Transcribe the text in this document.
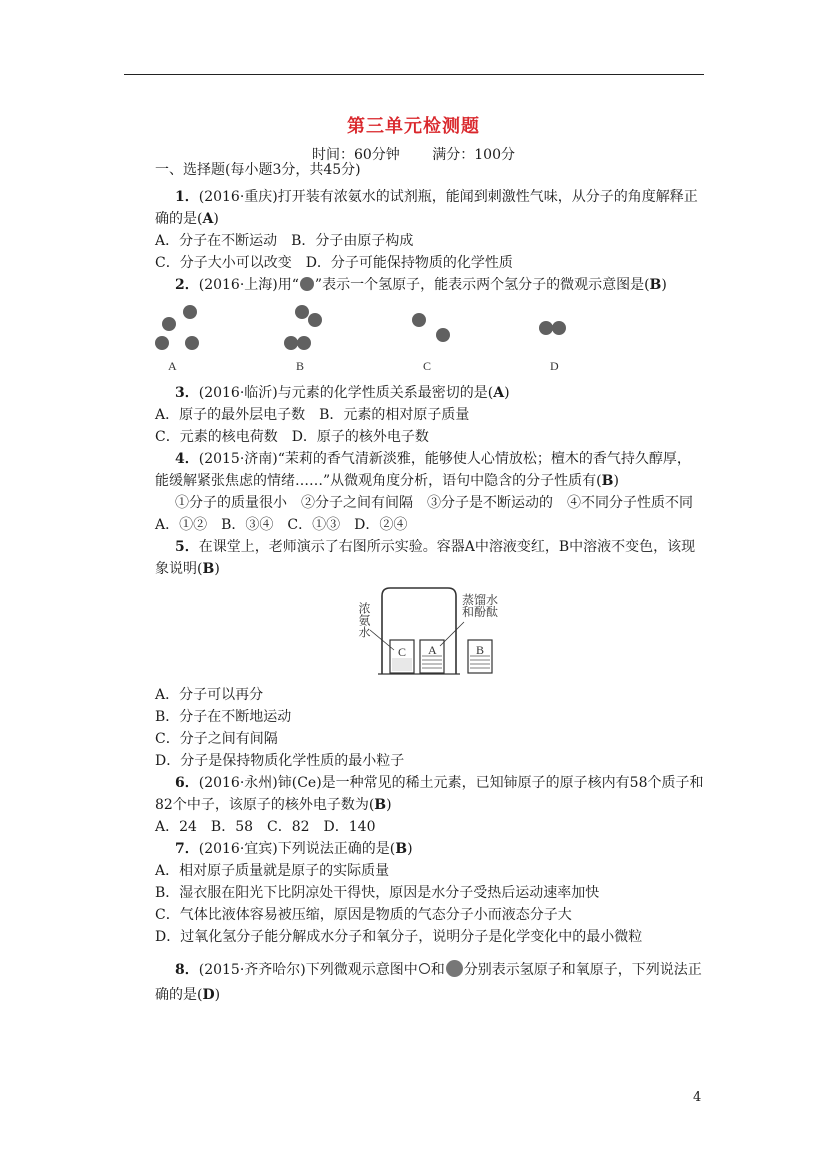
第三单元检测题
时间：60分钟 满分：100分
一、选择题(每小题3分，共45分)
1．(2016·重庆)打开装有浓氨水的试剂瓶，能闻到刺激性气味，从分子的角度解释正
确的是(A)
A．分子在不断运动　B．分子由原子构成
C．分子大小可以改变　D．分子可能保持物质的化学性质
2．(2016·上海)用“ ”表示一个氢原子，能表示两个氢分子的微观示意图是(B)
A	B	C	D
3．(2016·临沂)与元素的化学性质关系最密切的是(A)
A．原子的最外层电子数　B．元素的相对原子质量
C．元素的核电荷数　D．原子的核外电子数
4．(2015·济南)“茉莉的香气清新淡雅，能够使人心情放松；檀木的香气持久醇厚，
能缓解紧张焦虑的情绪……”从微观角度分析，语句中隐含的分子性质有(B)
①分子的质量很小　②分子之间有间隔　③分子是不断运动的　④不同分子性质不同
A．①②　B．③④　C．①③　D．②④
5．在课堂上，老师演示了右图所示实验。容器A中溶液变红，B中溶液不变色，该现
象说明(B)
C A	B
浓氨水
蒸馏水
和酚酞
A．分子可以再分
B．分子在不断地运动
C．分子之间有间隔
D．分子是保持物质化学性质的最小粒子
6．(2016·永州)铈(Ce)是一种常见的稀土元素，已知铈原子的原子核内有58个质子和
82个中子，该原子的核外电子数为(B)
A．24　B．58　C．82　D．140
7．(2016·宜宾)下列说法正确的是(B)
A．相对原子质量就是原子的实际质量
B．湿衣服在阳光下比阴凉处干得快，原因是水分子受热后运动速率加快
C．气体比液体容易被压缩，原因是物质的气态分子小而液态分子大
D．过氧化氢分子能分解成水分子和氧分子，说明分子是化学变化中的最小微粒
8．(2015·齐齐哈尔)下列微观示意图中 和 分别表示氢原子和氧原子，下列说法正
确的是(D)
4
